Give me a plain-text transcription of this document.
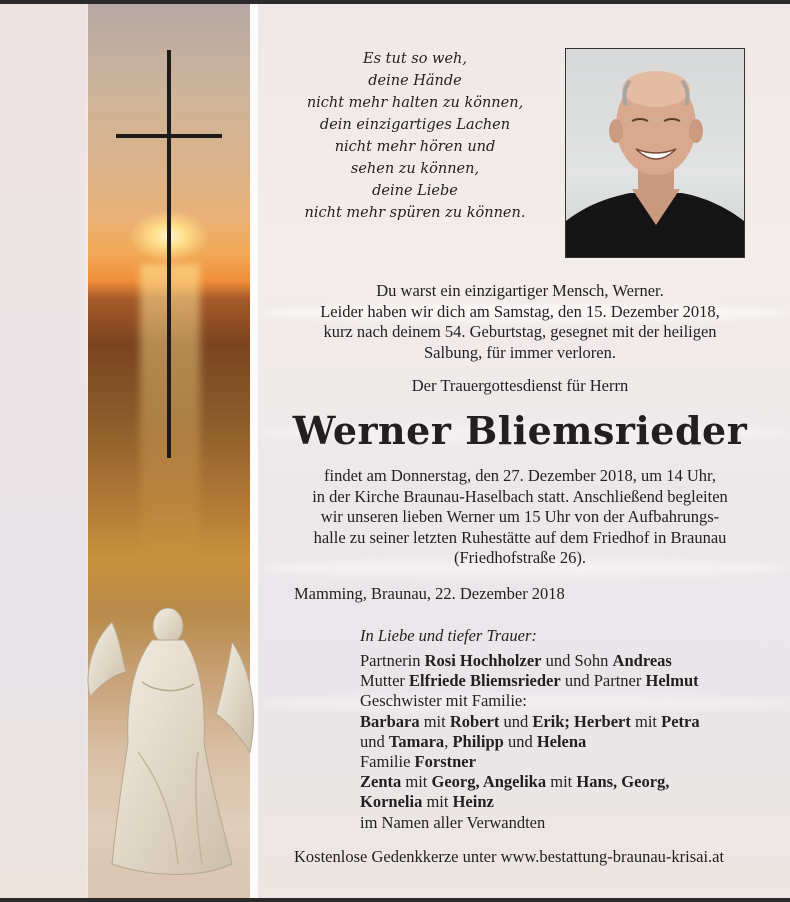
Es tut so weh,
deine Hände
nicht mehr halten zu können,
dein einzigartiges Lachen
nicht mehr hören und
sehen zu können,
deine Liebe
nicht mehr spüren zu können.
Du warst ein einzigartiger Mensch, Werner.
Leider haben wir dich am Samstag, den 15. Dezember 2018,
kurz nach deinem 54. Geburtstag, gesegnet mit der heiligen
Salbung, für immer verloren.
Der Trauergottesdienst für Herrn
Werner Bliemsrieder
findet am Donnerstag, den 27. Dezember 2018, um 14 Uhr,
in der Kirche Braunau-Haselbach statt. Anschließend begleiten
wir unseren lieben Werner um 15 Uhr von der Aufbahrungs-
halle zu seiner letzten Ruhestätte auf dem Friedhof in Braunau
(Friedhofstraße 26).
Mamming, Braunau, 22. Dezember 2018
In Liebe und tiefer Trauer:
Partnerin Rosi Hochholzer und Sohn Andreas
Mutter Elfriede Bliemsrieder und Partner Helmut
Geschwister mit Familie:
Barbara mit Robert und Erik; Herbert mit Petra
und Tamara, Philipp und Helena
Familie Forstner
Zenta mit Georg, Angelika mit Hans, Georg,
Kornelia mit Heinz
im Namen aller Verwandten
Kostenlose Gedenkkerze unter www.bestattung-braunau-krisai.at
